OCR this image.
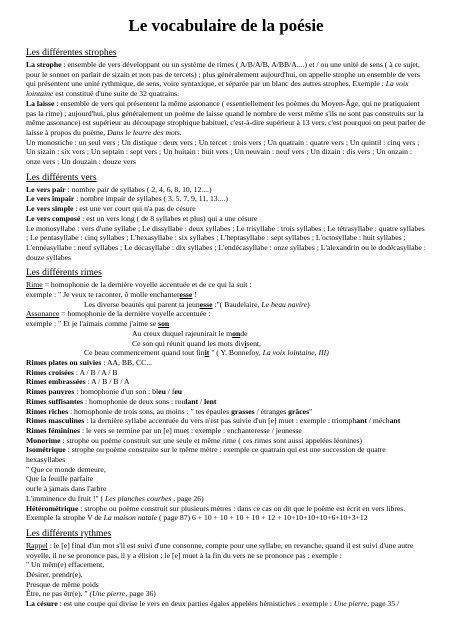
Le vocabulaire de la poésie
Les différentes strophes

La strophe : ensemble de vers développant ou un système de rimes ( A/B/A/B, A/BB/A....) et / ou une unité de sens ( à ce sujet, pour le sonnet on parlait de sizain et non pas de tercets) ; plus généralement aujourd'hui, on appelle strophe un ensemble de vers qui présentent une unité rythmique, de sens, voire syntaxique, et séparée par un blanc des autres strophes. Exemple : La voix lointaine est constitué d'une suite de 32 quatrains.

La laisse : ensemble de vers qui présentent la même assonance ( essentiellement les poèmes du Moyen-Âge, qui ne pratiquaient pas la rime) ; aujourd'hui, plus généralement un poème de laisse quand le nombre de verst même s'ils ne sont pas construits sur la même assonance) est supérieur au découpage strophique habituel, c'est-à-dire supérieur à 13 vers, c'est pourquoi on peut parler de laisse à propos du poème, Dans le leurre des mots.

Un monostiche : un seul vers ; Un distique : deux vers ; Un tercet : trois vers ; Un quatrain : quatre vers ; Un quintil : cinq vers ; Un sizain : six vers ; Un septain : sept vers ; Un huitain : huit vers ; Un neuvain : neuf vers ; Un dizain : dis vers ; Un onzain : onze vers ; Un douzain : douze vers

Les différents vers

Le vers pair : nombre pair de syllabes ( 2, 4, 6, 8, 10, 12....)

Le vers impair : nombre impair de syllabes ( 3, 5, 7, 9, 11, 13....)

Le vers simple : est une ver court qui n'a pas de césure

Le vers composé : est un vers long ( de 8 syllabes et plus) qui a une césure

Le monosyllabe : vers d'une syllabe ; Le dissyllabe : deux syllabes ; Le trisyllabe : trois syllabes ; Le tétrasyllabe : quatre syllabes ; Le pentasyllabe : cinq syllabes ; L'hexasyllabe : six syllabes ; L'heptasyllabe : sept syllabes ; L'octosyllabe : huit syllabes ; L'ennéasyllabe : neuf syllabes ; Le décasyllabe : dix syllabes ; L'endécasyllabe : onze syllabes ; L'alexandrin ou le dodécasyllabe : douze syllabes

Les différents rimes

Rime = homophonie de la dernière voyelle accentuée et de ce qui la suit :

exemple : " Je veux te raconter, ô molle enchanteresse !

Les diverse beautés qui parent ta jeunesse :"( Baudelaire, Le beau navire)

Assonance = homophonie de la dernière voyelle accentuée :

exemple : " Et je l'aimais comme j'aime se son

Au creux duquel rajeunirait le monde

Ce son qui réunit quand les mots divisent,

Ce beau commencement quand tout finit " ( Y. Bonnefoy, La voix lointaine, III)

Rimes plates ou suivies : AA, BB, CC...

Rimes croisées : A / B / A / B

Rimes embrassées : A / B / B / A

Rimes pauvres : homophonie d'un son : bleu / feu

Rimes suffisantes : homophonie de deux sons : roulant / lent

Rimes riches : homophonie de trois sons, au moins : " tes épaules grasses / étranges grâces"

Rimes masculines : la dernière syllabe accentuée du vers n'est pas suivie d'un [e] muet : exemple : triomphant / méchant

Rimes féminines : le vers se termine par un [e] muet : exemple : enchanteresse / jeunesse

Monorime : strophe ou poème construit sur une seule et même rime ( ces rimes sont aussi appelées léonines)

Isométrique : strophe ou poème construite sur le même mètre : exemple ce quatrain qui est une succession de quatre hexasyllabes

" Que ce monde demeure,

Que la feuille parfaite

ourle à jamais dans l'arbre

L'imminence du fruit !" ( Les planches courbes , page 26)

Hétérométrique : strophe ou poème construit sur plusieurs mètres : dans ce cas on dit que le poème est écrit en vers libres. Exemple la strophe V de La maison natale ( page 87) 6 + 10 + 10 + 10 + 10 + 12 + 10+10+10+10+6+10+3+12

Les différents rythmes

Rappel : le [e] final d'un mot s'il est suivi d'une consonne, compte pour une syllabe, en revanche, quand il est suivi d'une autre voyelle, il ne se prononce pas, il y a élision ; le [e] muet à la fin du vers ne se prononce pas : exemple :

" Un mêm(e) effacement,

Désirer, prendr(e),

Presque de même poids

Être, ne pas êtr(e). " (Une pierre, page 36)

La césure : est une coupe qui divise le vers en deux parties égales appelées hémistiches : exemple : Une pierre, page 35 /
